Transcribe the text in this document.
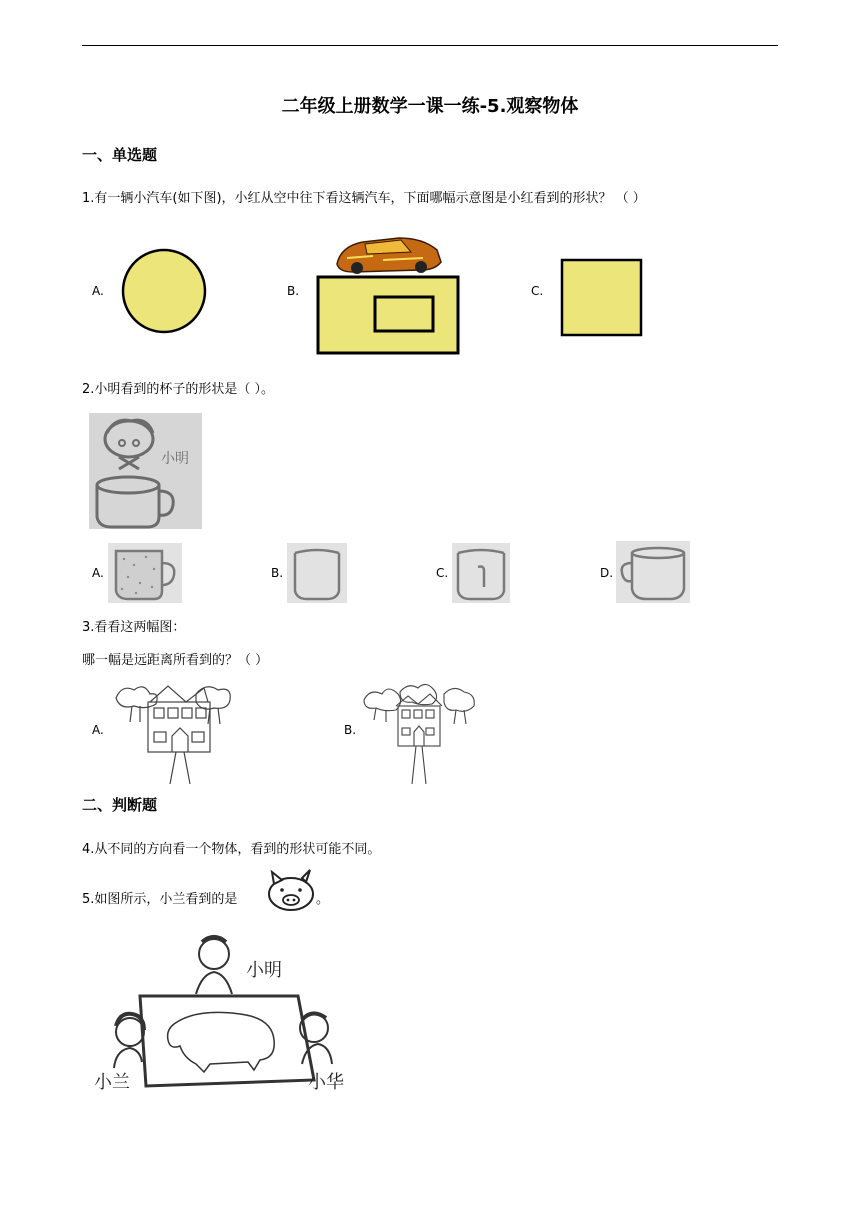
二年级上册数学一课一练-5.观察物体
一、单选题
1.有一辆小汽车(如下图)，小红从空中往下看这辆汽车，下面哪幅示意图是小红看到的形状？ （ ）
A.	B.	C.
2.小明看到的杯子的形状是（ ）。
小明
A.	B.	C.	D.
3.看看这两幅图：
哪一幅是远距离所看到的？（ ）
A.	B.
二、判断题
4.从不同的方向看一个物体，看到的形状可能不同。
5.如图所示，小兰看到的是	。
小明
小兰	小华
